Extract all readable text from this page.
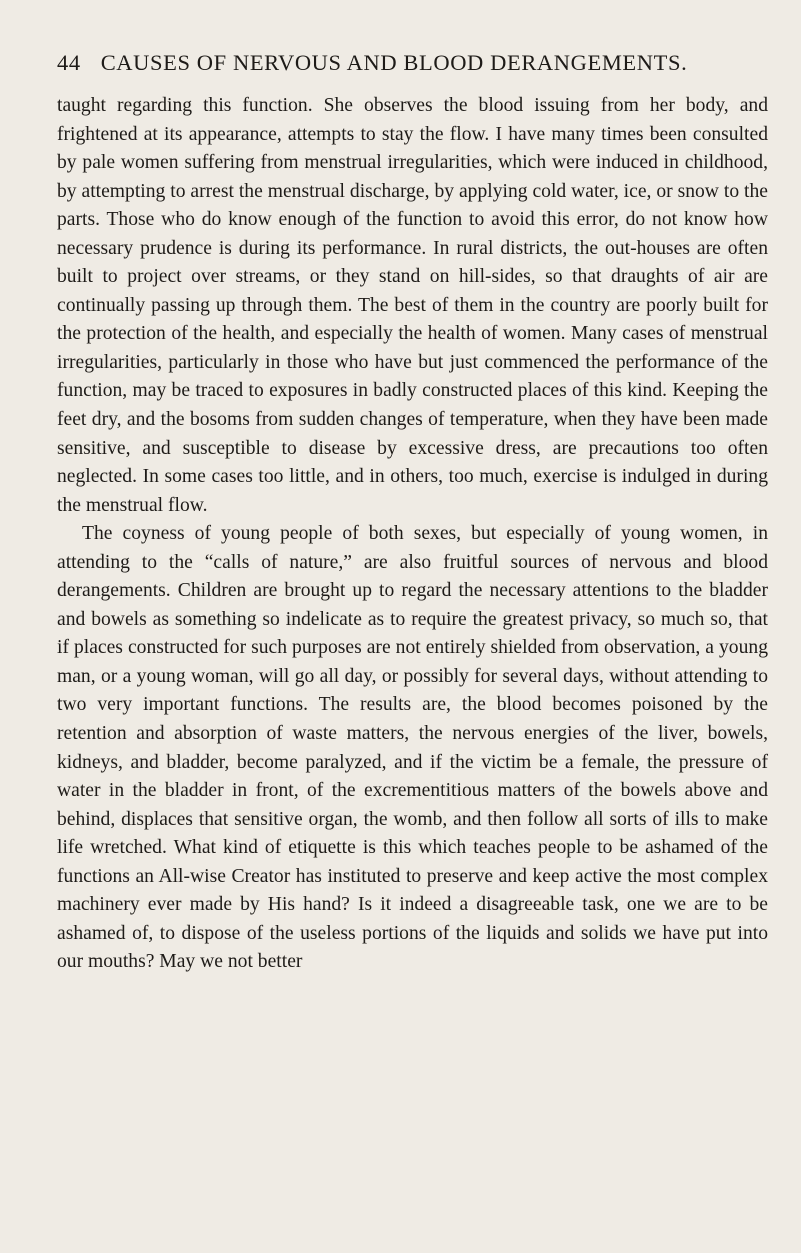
44 CAUSES OF NERVOUS AND BLOOD DERANGEMENTS.

taught regarding this function. She observes the blood issuing from her body, and frightened at its appearance, attempts to stay the flow. I have many times been consulted by pale women suffering from menstrual irregularities, which were induced in childhood, by attempting to arrest the menstrual discharge, by applying cold water, ice, or snow to the parts. Those who do know enough of the function to avoid this error, do not know how necessary prudence is during its performance. In rural districts, the out-houses are often built to project over streams, or they stand on hill-sides, so that draughts of air are continually passing up through them. The best of them in the country are poorly built for the protection of the health, and especially the health of women. Many cases of menstrual irregularities, particularly in those who have but just commenced the performance of the function, may be traced to exposures in badly constructed places of this kind. Keeping the feet dry, and the bosoms from sudden changes of temperature, when they have been made sensitive, and susceptible to disease by excessive dress, are precautions too often neglected. In some cases too little, and in others, too much, exercise is indulged in during the menstrual flow.

The coyness of young people of both sexes, but especially of young women, in attending to the “calls of nature,” are also fruitful sources of nervous and blood derangements. Children are brought up to regard the necessary attentions to the bladder and bowels as something so indelicate as to require the greatest privacy, so much so, that if places constructed for such purposes are not entirely shielded from observation, a young man, or a young woman, will go all day, or possibly for several days, without attending to two very important functions. The results are, the blood becomes poisoned by the retention and absorption of waste matters, the nervous energies of the liver, bowels, kidneys, and bladder, become paralyzed, and if the victim be a female, the pressure of water in the bladder in front, of the excrementitious matters of the bowels above and behind, displaces that sensitive organ, the womb, and then follow all sorts of ills to make life wretched. What kind of etiquette is this which teaches people to be ashamed of the functions an All-wise Creator has instituted to preserve and keep active the most complex machinery ever made by His hand? Is it indeed a disagreeable task, one we are to be ashamed of, to dispose of the useless portions of the liquids and solids we have put into our mouths? May we not better
